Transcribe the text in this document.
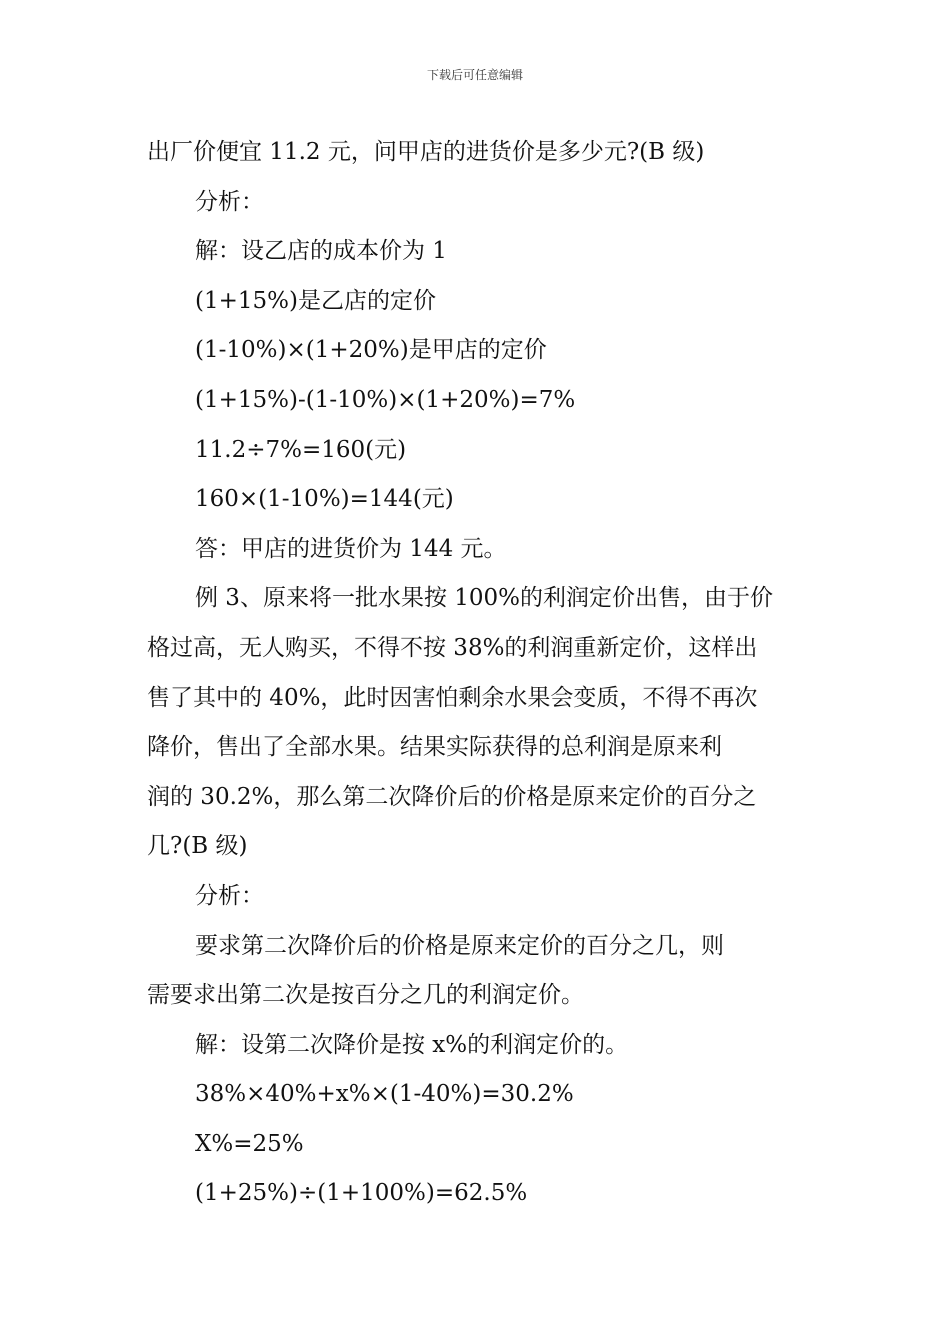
下载后可任意编辑
出厂价便宜 11.2 元，问甲店的进货价是多少元?(B 级)
分析：
解：设乙店的成本价为 1
(1+15%)是乙店的定价
(1-10%)×(1+20%)是甲店的定价
(1+15%)-(1-10%)×(1+20%)=7%
11.2÷7%=160(元)
160×(1-10%)=144(元)
答：甲店的进货价为 144 元。
例 3、原来将一批水果按 100%的利润定价出售，由于价
格过高，无人购买，不得不按 38%的利润重新定价，这样出
售了其中的 40%，此时因害怕剩余水果会变质，不得不再次
降价，售出了全部水果。结果实际获得的总利润是原来利
润的 30.2%，那么第二次降价后的价格是原来定价的百分之
几?(B 级)
分析：
要求第二次降价后的价格是原来定价的百分之几，则
需要求出第二次是按百分之几的利润定价。
解：设第二次降价是按 x%的利润定价的。
38%×40%+x%×(1-40%)=30.2%
X%=25%
(1+25%)÷(1+100%)=62.5%
